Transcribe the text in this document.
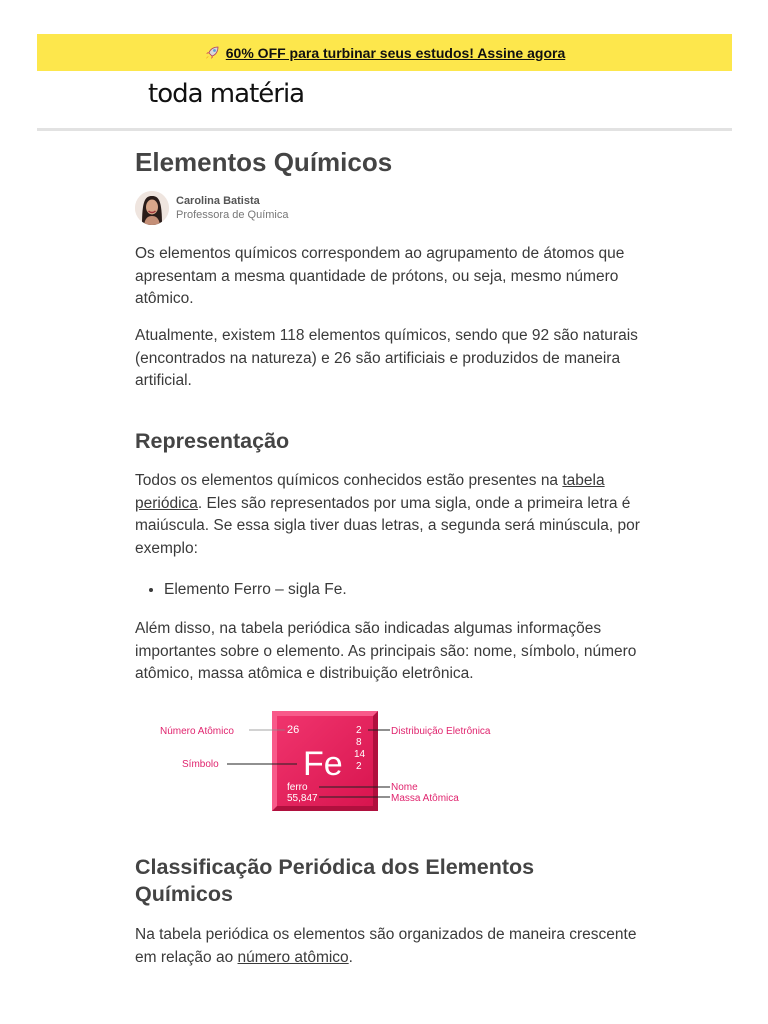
60% OFF para turbinar seus estudos! Assine agora
toda matéria
Elementos Químicos
Carolina Batista
Professora de Química

Os elementos químicos correspondem ao agrupamento de átomos que apresentam a mesma quantidade de prótons, ou seja, mesmo número atômico.

Atualmente, existem 118 elementos químicos, sendo que 92 são naturais (encontrados na natureza) e 26 são artificiais e produzidos de maneira artificial.

Representação

Todos os elementos químicos conhecidos estão presentes na tabela periódica. Eles são representados por uma sigla, onde a primeira letra é maiúscula. Se essa sigla tiver duas letras, a segunda será minúscula, por exemplo:

• Elemento Ferro – sigla Fe.

Além disso, na tabela periódica são indicadas algumas informações importantes sobre o elemento. As principais são: nome, símbolo, número atômico, massa atômica e distribuição eletrônica.

26
Fe
ferro
55,847
2
8
14
2
Número Atômico
Símbolo
Distribuição Eletrônica
Nome
Massa Atômica
Classificação Periódica dos Elementos Químicos

Na tabela periódica os elementos são organizados de maneira crescente em relação ao número atômico.
